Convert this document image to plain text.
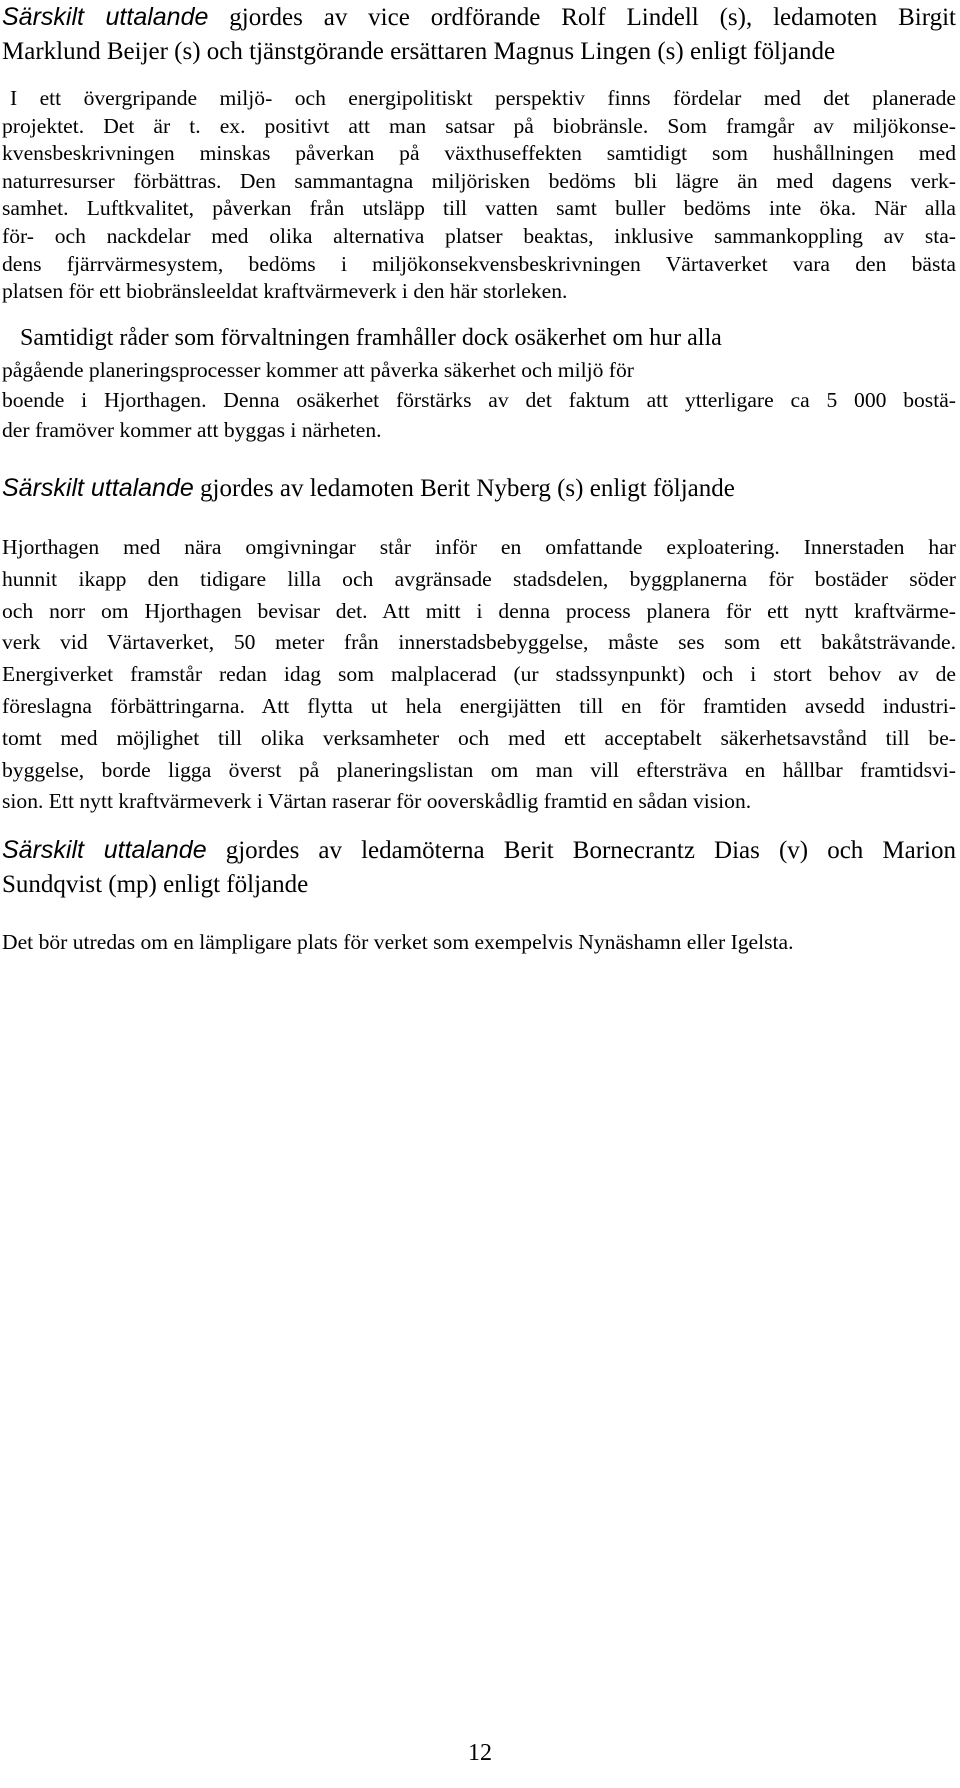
Särskilt uttalande gjordes av vice ordförande Rolf Lindell (s), ledamoten Birgit
Marklund Beijer (s) och tjänstgörande ersättaren Magnus Lingen (s) enligt följande
I ett övergripande miljö- och energipolitiskt perspektiv finns fördelar med det planerade
projektet. Det är t. ex. positivt att man satsar på biobränsle. Som framgår av miljökonse-
kvensbeskrivningen minskas påverkan på växthuseffekten samtidigt som hushållningen med
naturresurser förbättras. Den sammantagna miljörisken bedöms bli lägre än med dagens verk-
samhet. Luftkvalitet, påverkan från utsläpp till vatten samt buller bedöms inte öka. När alla
för- och nackdelar med olika alternativa platser beaktas, inklusive sammankoppling av sta-
dens fjärrvärmesystem, bedöms i miljökonsekvensbeskrivningen Värtaverket vara den bästa
platsen för ett biobränsleeldat kraftvärmeverk i den här storleken.
Samtidigt råder som förvaltningen framhåller dock osäkerhet om hur alla
pågående planeringsprocesser kommer att påverka säkerhet och miljö för
boende i Hjorthagen. Denna osäkerhet förstärks av det faktum att ytterligare ca 5 000 bostä-
der framöver kommer att byggas i närheten.
Särskilt uttalande gjordes av ledamoten Berit Nyberg (s) enligt följande
Hjorthagen med nära omgivningar står inför en omfattande exploatering. Innerstaden har
hunnit ikapp den tidigare lilla och avgränsade stadsdelen, byggplanerna för bostäder söder
och norr om Hjorthagen bevisar det. Att mitt i denna process planera för ett nytt kraftvärme-
verk vid Värtaverket, 50 meter från innerstadsbebyggelse, måste ses som ett bakåtsträvande.
Energiverket framstår redan idag som malplacerad (ur stadssynpunkt) och i stort behov av de
föreslagna förbättringarna. Att flytta ut hela energijätten till en för framtiden avsedd industri-
tomt med möjlighet till olika verksamheter och med ett acceptabelt säkerhetsavstånd till be-
byggelse, borde ligga överst på planeringslistan om man vill eftersträva en hållbar framtidsvi-
sion. Ett nytt kraftvärmeverk i Värtan raserar för ooverskådlig framtid en sådan vision.
Särskilt uttalande gjordes av ledamöterna Berit Bornecrantz Dias (v) och Marion
Sundqvist (mp) enligt följande
Det bör utredas om en lämpligare plats för verket som exempelvis Nynäshamn eller Igelsta.
12
